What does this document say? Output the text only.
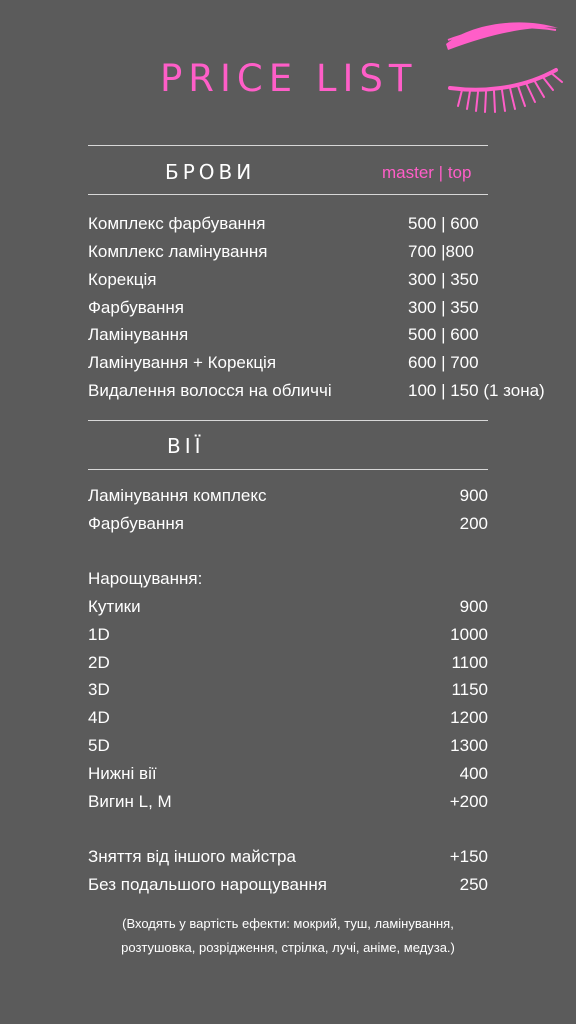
PRICE LIST
БРОВИ	master | top
Комплекс фарбування	500 | 600
Комплекс ламінування	700 |800
Корекція	300 | 350
Фарбування	300 | 350
Ламінування	500 | 600
Ламінування + Корекція	600 | 700
Видалення волосся на обличчі	100 | 150 (1 зона)
ВІЇ
Ламінування комплекс	900
Фарбування	200
Нарощування:
Кутики	900
1D	1000
2D	1100
3D	1150
4D	1200
5D	1300
Нижні вії	400
Вигин L, M	+200
Зняття від іншого майстра	+150
Без подальшого нарощування	250
(Входять у вартість ефекти: мокрий, туш, ламінування,
розтушовка, розрідження, стрілка, лучі, аніме, медуза.)
